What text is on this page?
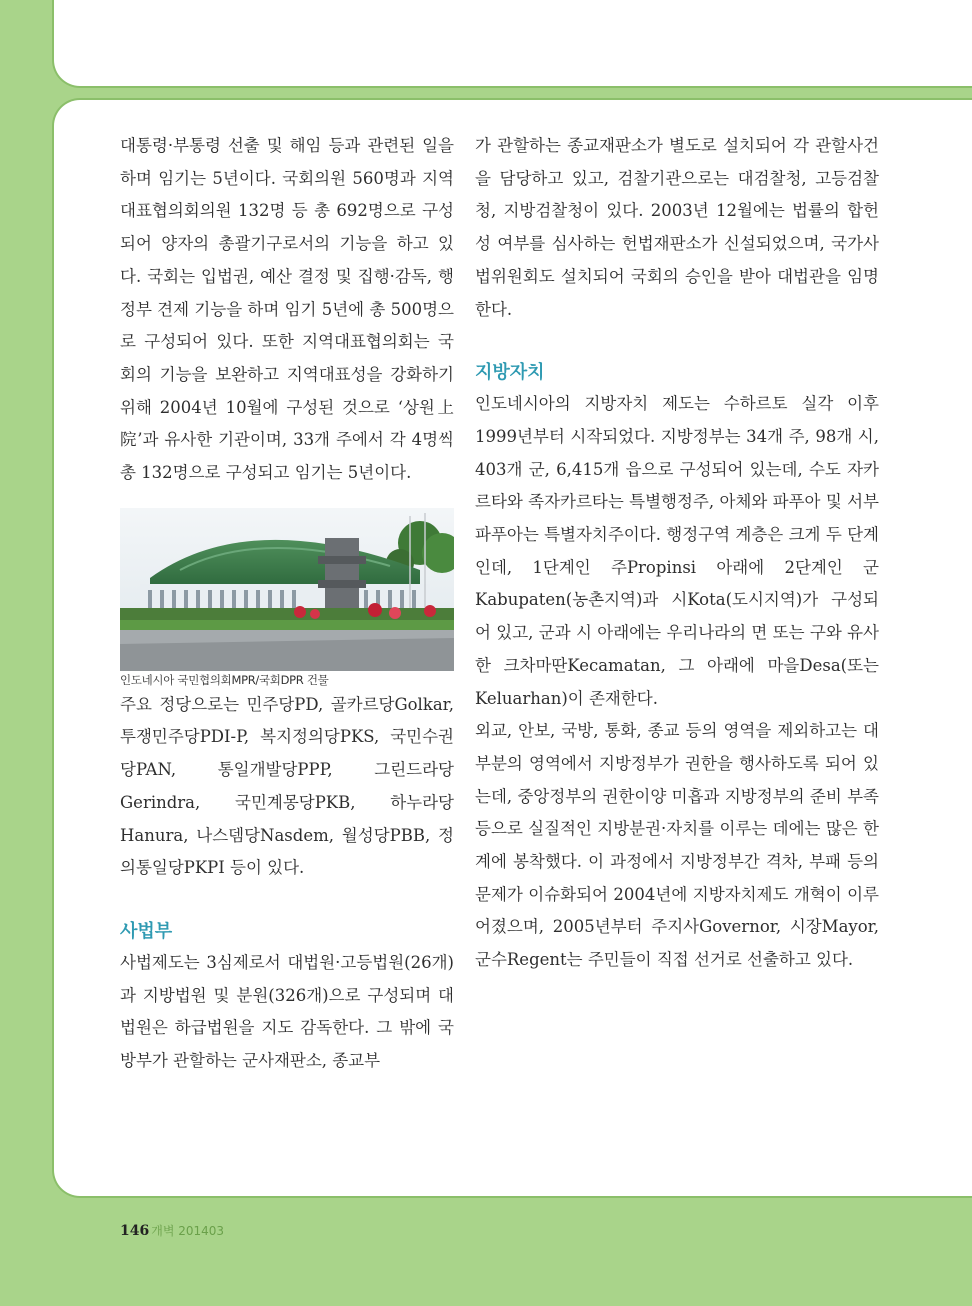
대통령·부통령 선출 및 해임 등과 관련된 일을 하며 임기는 5년이다. 국회의원 560명과 지역대표협의회의원 132명 등 총 692명으로 구성되어 양자의 총괄기구로서의 기능을 하고 있다. 국회는 입법권, 예산 결정 및 집행·감독, 행정부 견제 기능을 하며 임기 5년에 총 500명으로 구성되어 있다. 또한 지역대표협의회는 국회의 기능을 보완하고 지역대표성을 강화하기 위해 2004년 10월에 구성된 것으로 ‘상원上院’과 유사한 기관이며, 33개 주에서 각 4명씩 총 132명으로 구성되고 임기는 5년이다.

인도네시아 국민협의회MPR/국회DPR 건물

주요 정당으로는 민주당PD, 골카르당Golkar, 투쟁민주당PDI-P, 복지정의당PKS, 국민수권당PAN, 통일개발당PPP, 그린드라당Gerindra, 국민계몽당PKB, 하누라당Hanura, 나스뎀당Nasdem, 월성당PBB, 정의통일당PKPI 등이 있다.

사법부

사법제도는 3심제로서 대법원·고등법원(26개)과 지방법원 및 분원(326개)으로 구성되며 대법원은 하급법원을 지도 감독한다. 그 밖에 국방부가 관할하는 군사재판소, 종교부

가 관할하는 종교재판소가 별도로 설치되어 각 관할사건을 담당하고 있고, 검찰기관으로는 대검찰청, 고등검찰청, 지방검찰청이 있다. 2003년 12월에는 법률의 합헌성 여부를 심사하는 헌법재판소가 신설되었으며, 국가사법위원회도 설치되어 국회의 승인을 받아 대법관을 임명한다.

지방자치

인도네시아의 지방자치 제도는 수하르토 실각 이후 1999년부터 시작되었다. 지방정부는 34개 주, 98개 시, 403개 군, 6,415개 읍으로 구성되어 있는데, 수도 자카르타와 족자카르타는 특별행정주, 아체와 파푸아 및 서부 파푸아는 특별자치주이다. 행정구역 계층은 크게 두 단계인데, 1단계인 주Propinsi 아래에 2단계인 군Kabupaten(농촌지역)과 시Kota(도시지역)가 구성되어 있고, 군과 시 아래에는 우리나라의 면 또는 구와 유사한 크차마딴Kecamatan, 그 아래에 마을Desa(또는 Keluarhan)이 존재한다.

외교, 안보, 국방, 통화, 종교 등의 영역을 제외하고는 대부분의 영역에서 지방정부가 권한을 행사하도록 되어 있는데, 중앙정부의 권한이양 미흡과 지방정부의 준비 부족 등으로 실질적인 지방분권·자치를 이루는 데에는 많은 한계에 봉착했다. 이 과정에서 지방정부간 격차, 부패 등의 문제가 이슈화되어 2004년에 지방자치제도 개혁이 이루어졌으며, 2005년부터 주지사Governor, 시장Mayor, 군수Regent는 주민들이 직접 선거로 선출하고 있다.

146 개벽 201403
